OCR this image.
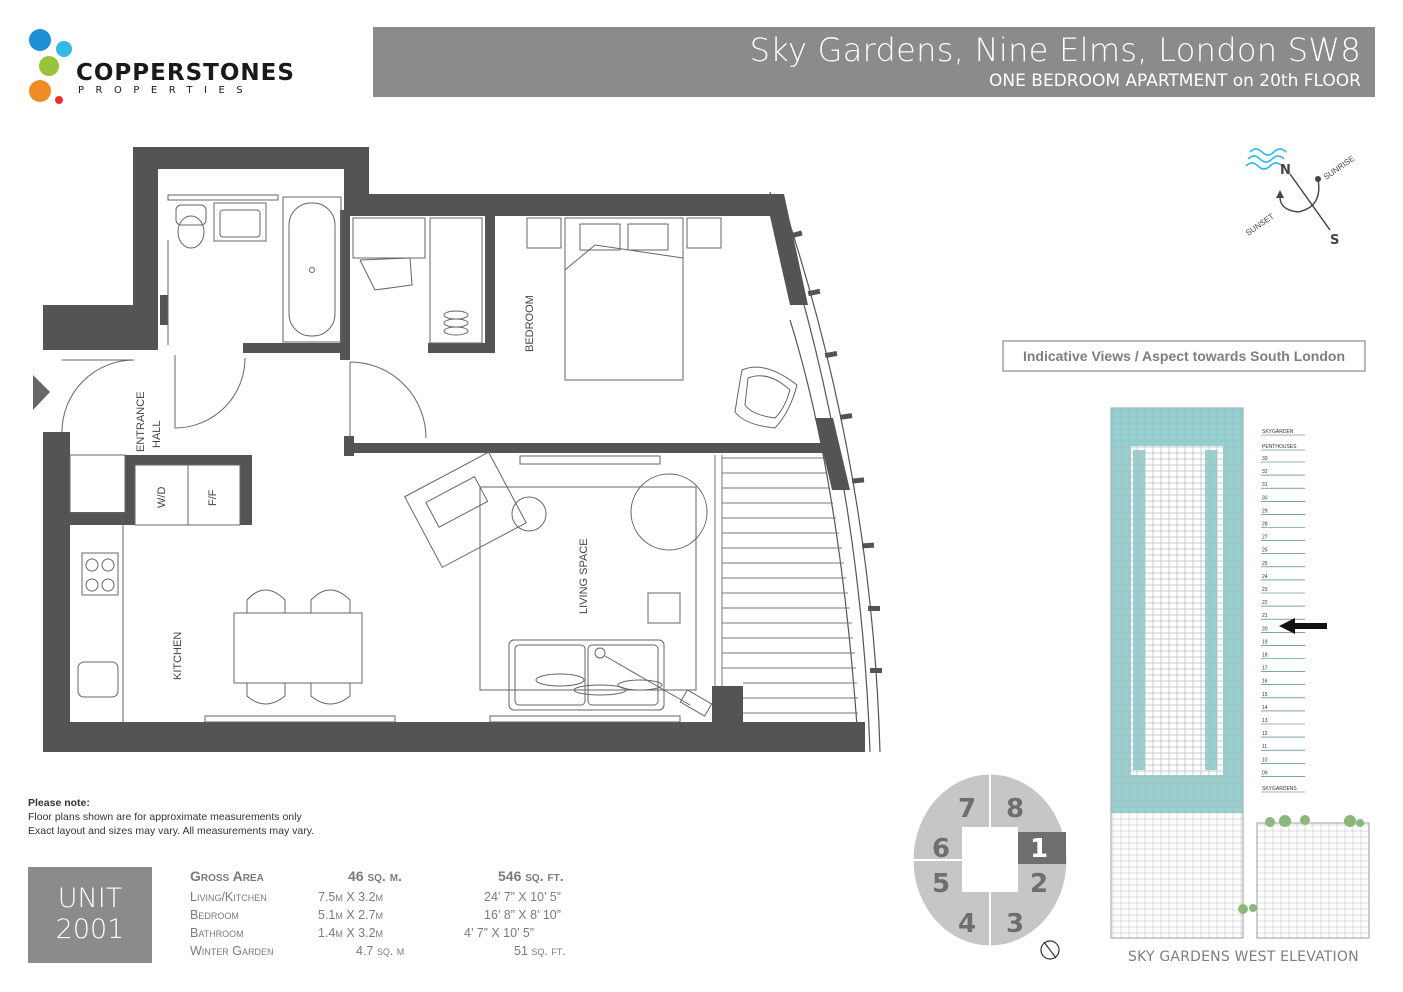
COPPERSTONES
PROPERTIES
Sky Gardens, Nine Elms, London SW8
ONE BEDROOM APARTMENT on 20th FLOOR
BEDROOM
ENTRANCE HALL
W/D	F/F
LIVING SPACE
KITCHEN
N
S
SUNRISE
SUNSET
Indicative Views / Aspect towards South London
SKYGARDEN
PENTHOUSES
33
32
31
30
29
28
27
26
25
24
23
22
21
20
19
18
17
16
15
14
13
12
11
10
09
SKYGARDENS
SKY GARDENS WEST ELEVATION
7 8
6	1
5	2
4 3
Please note:
Floor plans shown are for approximate measurements only
Exact layout and sizes may vary. All measurements may vary.
UNIT
2001
Gross Area	46 sq. m.	546 sq. ft.
Living/Kitchen	7.5m X 3.2m	24’ 7” X 10’ 5”
Bedroom	5.1m X 2.7m	16’ 8” X 8’ 10”
Bathroom	1.4m X 3.2m	4’ 7” X 10’ 5”
Winter Garden	4.7 sq. m	51 sq. ft.
